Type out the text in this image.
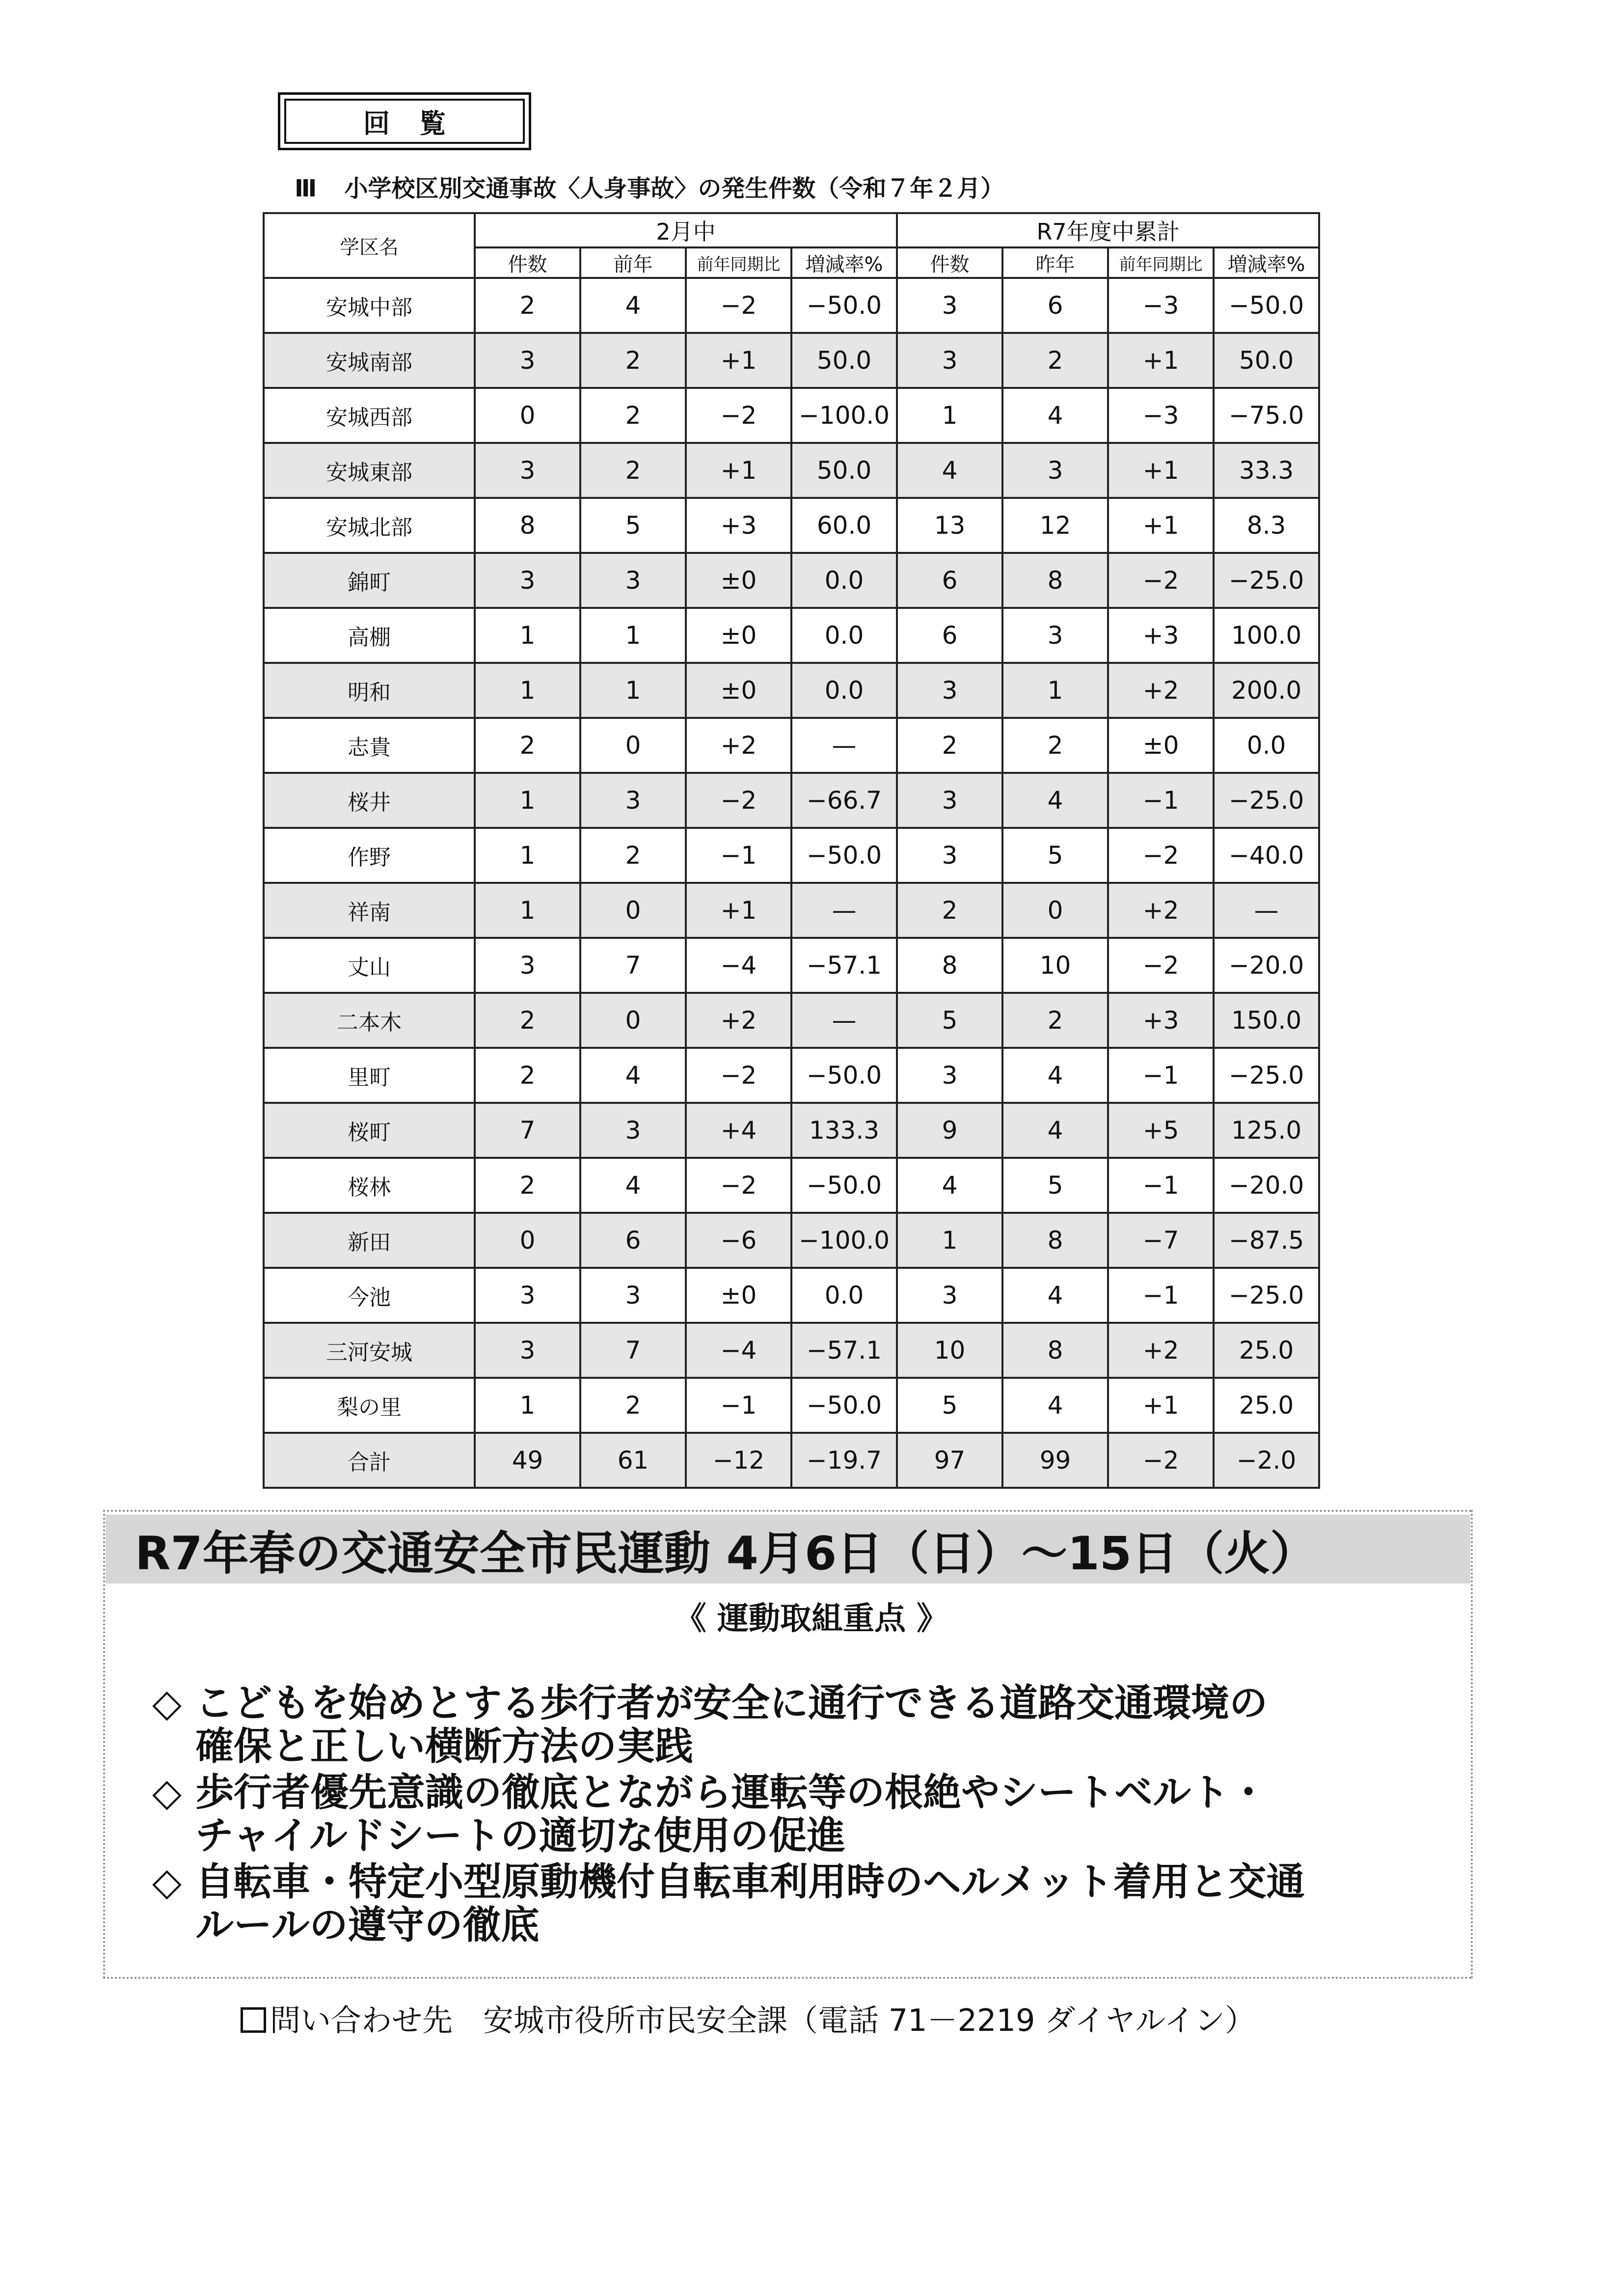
回覧
Ⅲ 小学校区別交通事故〈人身事故〉の発生件数（令和７年２月）
学区名	2月中				R7年度中累計			
	件数	前年	前年同期比	増減率%	件数	昨年	前年同期比	増減率%
安城中部	2	4	−2	−50.0	3	6	−3	−50.0
安城南部	3	2	+1	50.0	3	2	+1	50.0
安城西部	0	2	−2	−100.0	1	4	−3	−75.0
安城東部	3	2	+1	50.0	4	3	+1	33.3
安城北部	8	5	+3	60.0	13	12	+1	8.3
錦町	3	3	±0	0.0	6	8	−2	−25.0
高棚	1	1	±0	0.0	6	3	+3	100.0
明和	1	1	±0	0.0	3	1	+2	200.0
志貴	2	0	+2	—	2	2	±0	0.0
桜井	1	3	−2	−66.7	3	4	−1	−25.0
作野	1	2	−1	−50.0	3	5	−2	−40.0
祥南	1	0	+1	—	2	0	+2	—
丈山	3	7	−4	−57.1	8	10	−2	−20.0
二本木	2	0	+2	—	5	2	+3	150.0
里町	2	4	−2	−50.0	3	4	−1	−25.0
桜町	7	3	+4	133.3	9	4	+5	125.0
桜林	2	4	−2	−50.0	4	5	−1	−20.0
新田	0	6	−6	−100.0	1	8	−7	−87.5
今池	3	3	±0	0.0	3	4	−1	−25.0
三河安城	3	7	−4	−57.1	10	8	+2	25.0
梨の里	1	2	−1	−50.0	5	4	+1	25.0
合計	49	61	−12	−19.7	97	99	−2	−2.0
R7年春の交通安全市民運動 4月6日（日）～15日（火）
《 運動取組重点 》
◇ こどもを始めとする歩行者が安全に通行できる道路交通環境の
確保と正しい横断方法の実践
◇ 歩行者優先意識の徹底とながら運転等の根絶やシートベルト・
チャイルドシートの適切な使用の促進
◇ 自転車・特定小型原動機付自転車利用時のヘルメット着用と交通
ルールの遵守の徹底
問い合わせ先　安城市役所市民安全課（電話 71－2219 ダイヤルイン）
